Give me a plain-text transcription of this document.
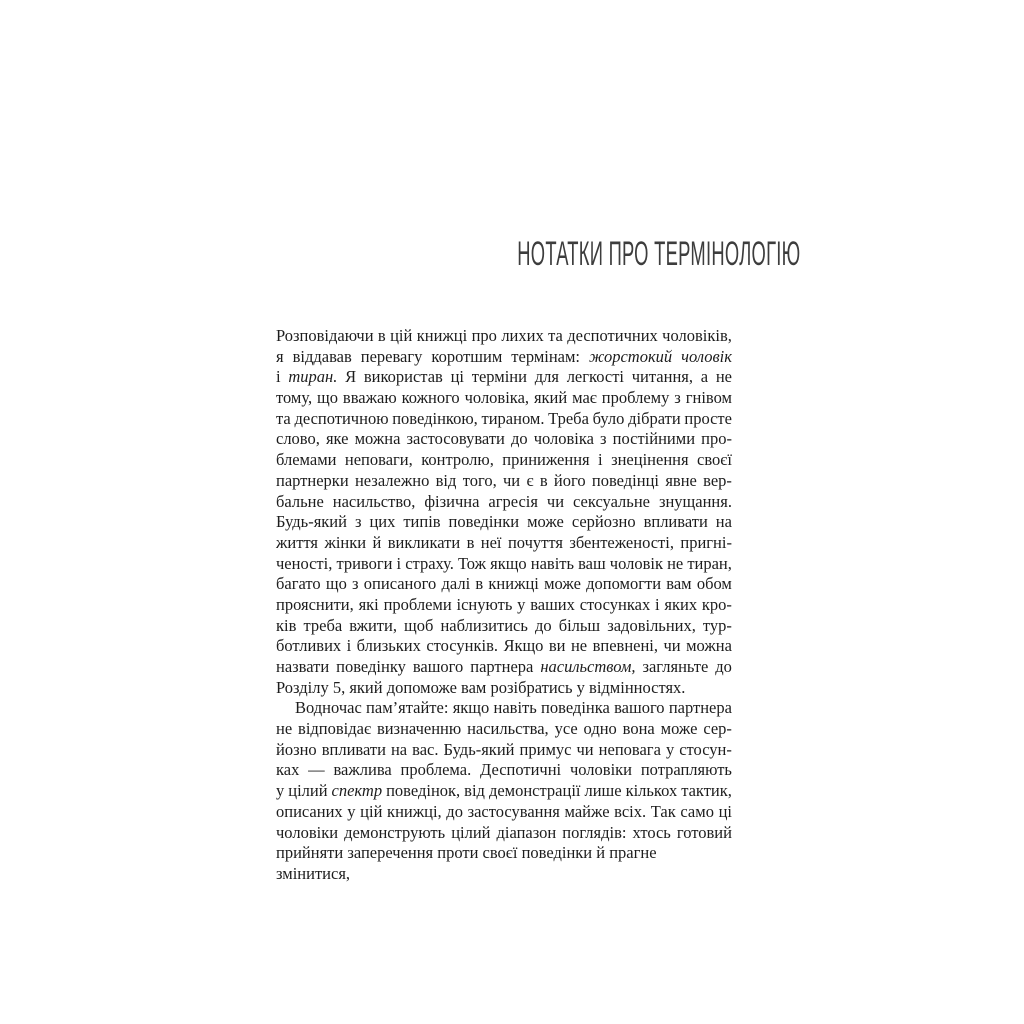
НОТАТКИ ПРО ТЕРМІНОЛОГІЮ
Розповідаючи в цій книжці про лихих та деспотичних чоловіків,
я віддавав перевагу коротшим термінам: жорстокий чоловік
і тиран. Я використав ці терміни для легкості читання, а не
тому, що вважаю кожного чоловіка, який має проблему з гнівом
та деспотичною поведінкою, тираном. Треба було дібрати просте
слово, яке можна застосовувати до чоловіка з постійними про-
блемами неповаги, контролю, приниження і знецінення своєї
партнерки незалежно від того, чи є в його поведінці явне вер-
бальне насильство, фізична агресія чи сексуальне знущання.
Будь-який з цих типів поведінки може серйозно впливати на
життя жінки й викликати в неї почуття збентеженості, пригні-
ченості, тривоги і страху. Тож якщо навіть ваш чоловік не тиран,
багато що з описаного далі в книжці може допомогти вам обом
прояснити, які проблеми існують у ваших стосунках і яких кро-
ків треба вжити, щоб наблизитись до більш задовільних, тур-
ботливих і близьких стосунків. Якщо ви не впевнені, чи можна
назвати поведінку вашого партнера насильством, загляньте до
Розділу 5, який допоможе вам розібратись у відмінностях.
Водночас пам’ятайте: якщо навіть поведінка вашого партнера
не відповідає визначенню насильства, усе одно вона може сер-
йозно впливати на вас. Будь-який примус чи неповага у стосун-
ках — важлива проблема. Деспотичні чоловіки потрапляють
у цілий спектр поведінок, від демонстрації лише кількох тактик,
описаних у цій книжці, до застосування майже всіх. Так само ці
чоловіки демонструють цілий діапазон поглядів: хтось готовий
прийняти заперечення проти своєї поведінки й прагне змінитися,
